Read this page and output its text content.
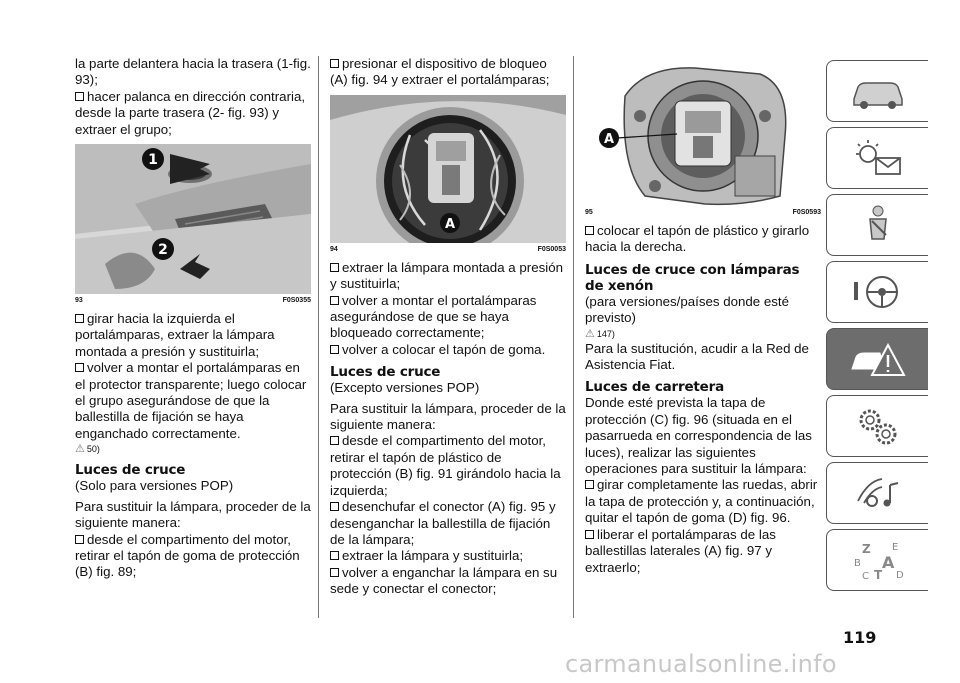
la parte delantera hacia la trasera (1-fig. 93);

hacer palanca en dirección contraria, desde la parte trasera (2- fig. 93) y extraer el grupo;

1
2
93	F0S0355

girar hacia la izquierda el portalámparas, extraer la lámpara montada a presión y sustituirla;

volver a montar el portalámparas en el protector transparente; luego colocar el grupo asegurándose de que la ballestilla de fijación se haya enganchado correctamente.

⚠ 50)
Luces de cruce

(Solo para versiones POP)

Para sustituir la lámpara, proceder de la siguiente manera:

desde el compartimento del motor, retirar el tapón de goma de protección (B) fig. 89;

presionar el dispositivo de bloqueo (A) fig. 94 y extraer el portalámparas;

A
94	F0S0053

extraer la lámpara montada a presión y sustituirla;

volver a montar el portalámparas asegurándose de que se haya bloqueado correctamente;

volver a colocar el tapón de goma.

Luces de cruce

(Excepto versiones POP)

Para sustituir la lámpara, proceder de la siguiente manera:

desde el compartimento del motor, retirar el tapón de plástico de protección (B) fig. 91 girándolo hacia la izquierda;

desenchufar el conector (A) fig. 95 y desenganchar la ballestilla de fijación de la lámpara;

extraer la lámpara y sustituirla;

volver a enganchar la lámpara en su sede y conectar el conector;

A
95	F0S0593

colocar el tapón de plástico y girarlo hacia la derecha.

Luces de cruce con lámparas de xenón

(para versiones/países donde esté previsto)

⚠ 147)

Para la sustitución, acudir a la Red de Asistencia Fiat.

Luces de carretera

Donde esté prevista la tapa de protección (C) fig. 96 (situada en el pasarrueda en correspondencia de las luces), realizar las siguientes operaciones para sustituir la lámpara:

girar completamente las ruedas, abrir la tapa de protección y, a continuación, quitar el tapón de goma (D) fig. 96.

liberar el portalámparas de las ballestillas laterales (A) fig. 97 y extraerlo;

Z E
B A
C T D
119
carmanualsonline.info
